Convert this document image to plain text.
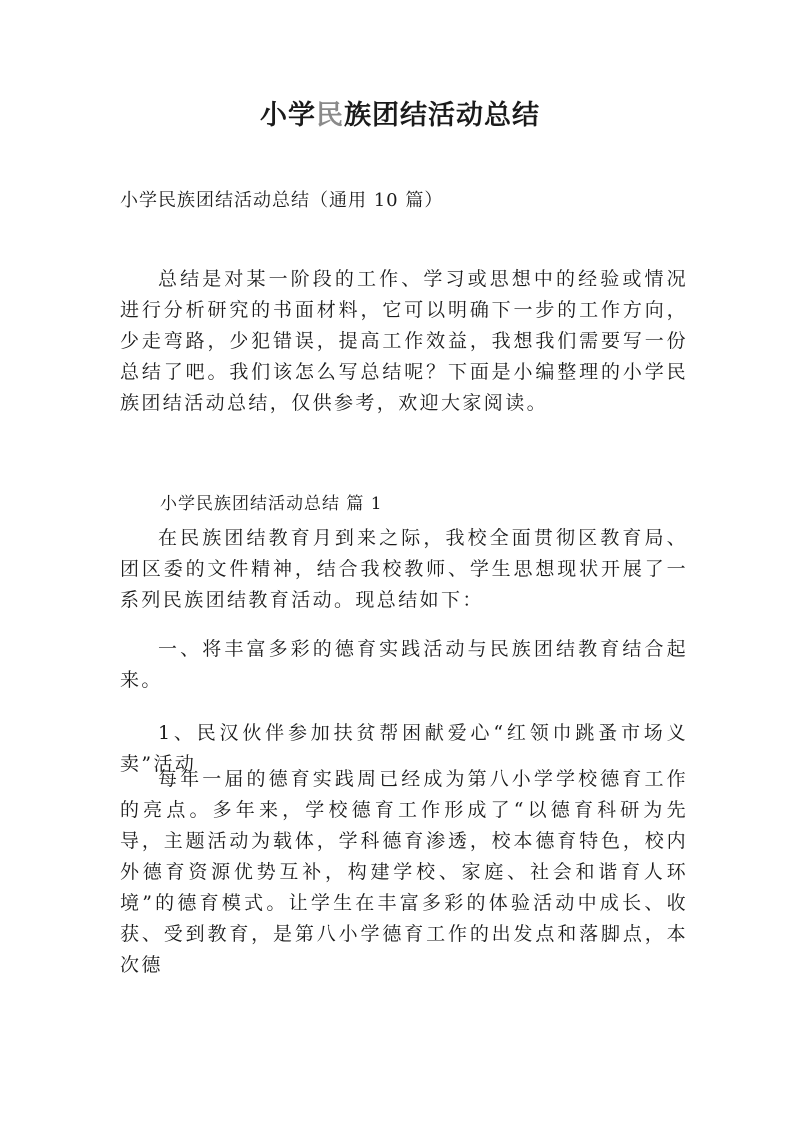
小学民族团结活动总结

小学民族团结活动总结（通用 10 篇）

总结是对某一阶段的工作、学习或思想中的经验或情况进行分析研究的书面材料，它可以明确下一步的工作方向，少走弯路，少犯错误，提高工作效益，我想我们需要写一份总结了吧。我们该怎么写总结呢？下面是小编整理的小学民族团结活动总结，仅供参考，欢迎大家阅读。

小学民族团结活动总结 篇 1

在民族团结教育月到来之际，我校全面贯彻区教育局、团区委的文件精神，结合我校教师、学生思想现状开展了一系列民族团结教育活动。现总结如下：

一、将丰富多彩的德育实践活动与民族团结教育结合起来。

1、民汉伙伴参加扶贫帮困献爱心“红领巾跳蚤市场义卖”活动

每年一届的德育实践周已经成为第八小学学校德育工作的亮点。多年来，学校德育工作形成了“以德育科研为先导，主题活动为载体，学科德育渗透，校本德育特色，校内外德育资源优势互补，构建学校、家庭、社会和谐育人环境”的德育模式。让学生在丰富多彩的体验活动中成长、收获、受到教育，是第八小学德育工作的出发点和落脚点，本次德
